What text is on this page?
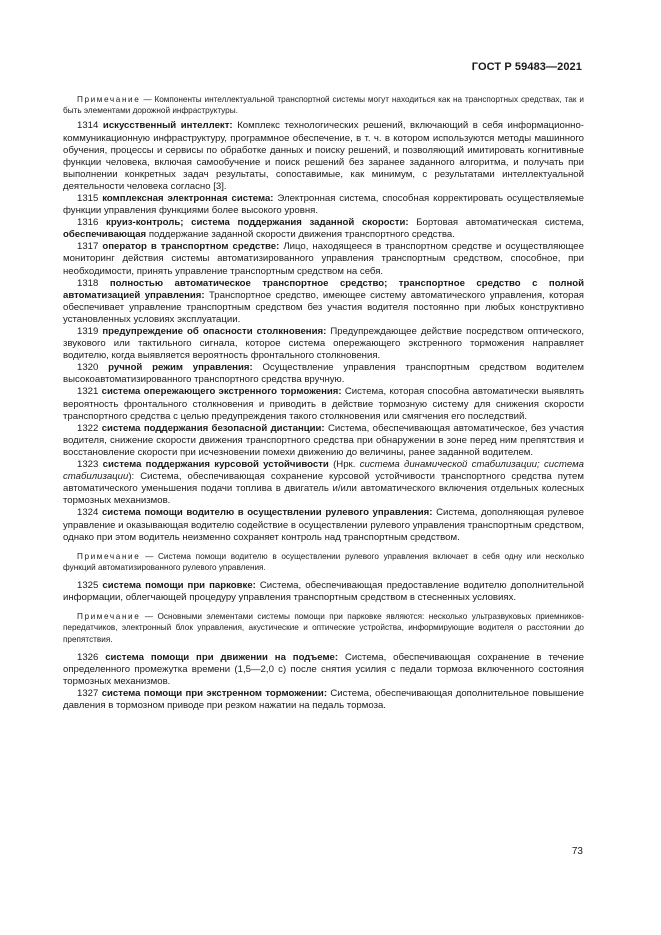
ГОСТ Р 59483—2021

Примечание — Компоненты интеллектуальной транспортной системы могут находиться как на транспортных средствах, так и быть элементами дорожной инфраструктуры.

1314 искусственный интеллект: Комплекс технологических решений, включающий в себя информационно-коммуникационную инфраструктуру, программное обеспечение, в т. ч. в котором используются методы машинного обучения, процессы и сервисы по обработке данных и поиску решений, и позволяющий имитировать когнитивные функции человека, включая самообучение и поиск решений без заранее заданного алгоритма, и получать при выполнении конкретных задач результаты, сопоставимые, как минимум, с результатами интеллектуальной деятельности человека согласно [3].

1315 комплексная электронная система: Электронная система, способная корректировать осуществляемые функции управления функциями более высокого уровня.

1316 круиз-контроль; система поддержания заданной скорости: Бортовая автоматическая система, обеспечивающая поддержание заданной скорости движения транспортного средства.

1317 оператор в транспортном средстве: Лицо, находящееся в транспортном средстве и осуществляющее мониторинг действия системы автоматизированного управления транспортным средством, способное, при необходимости, принять управление транспортным средством на себя.

1318 полностью автоматическое транспортное средство; транспортное средство с полной автоматизацией управления: Транспортное средство, имеющее систему автоматического управления, которая обеспечивает управление транспортным средством без участия водителя постоянно при любых конструктивно установленных условиях эксплуатации.

1319 предупреждение об опасности столкновения: Предупреждающее действие посредством оптического, звукового или тактильного сигнала, которое система опережающего экстренного торможения направляет водителю, когда выявляется вероятность фронтального столкновения.

1320 ручной режим управления: Осуществление управления транспортным средством водителем высокоавтоматизированного транспортного средства вручную.

1321 система опережающего экстренного торможения: Система, которая способна автоматически выявлять вероятность фронтального столкновения и приводить в действие тормозную систему для снижения скорости транспортного средства с целью предупреждения такого столкновения или смягчения его последствий.

1322 система поддержания безопасной дистанции: Система, обеспечивающая автоматическое, без участия водителя, снижение скорости движения транспортного средства при обнаружении в зоне перед ним препятствия и восстановление скорости при исчезновении помехи движению до величины, ранее заданной водителем.

1323 система поддержания курсовой устойчивости (Нрк. система динамической стабилизации; система стабилизации): Система, обеспечивающая сохранение курсовой устойчивости транспортного средства путем автоматического уменьшения подачи топлива в двигатель и/или автоматического включения отдельных колесных тормозных механизмов.

1324 система помощи водителю в осуществлении рулевого управления: Система, дополняющая рулевое управление и оказывающая водителю содействие в осуществлении рулевого управления транспортным средством, однако при этом водитель неизменно сохраняет контроль над транспортным средством.

Примечание — Система помощи водителю в осуществлении рулевого управления включает в себя одну или несколько функций автоматизированного рулевого управления.

1325 система помощи при парковке: Система, обеспечивающая предоставление водителю дополнительной информации, облегчающей процедуру управления транспортным средством в стесненных условиях.

Примечание — Основными элементами системы помощи при парковке являются: несколько ультразвуковых приемников-передатчиков, электронный блок управления, акустические и оптические устройства, информирующие водителя о расстоянии до препятствия.

1326 система помощи при движении на подъеме: Система, обеспечивающая сохранение в течение определенного промежутка времени (1,5—2,0 с) после снятия усилия с педали тормоза включенного состояния тормозных механизмов.

1327 система помощи при экстренном торможении: Система, обеспечивающая дополнительное повышение давления в тормозном приводе при резком нажатии на педаль тормоза.

73
